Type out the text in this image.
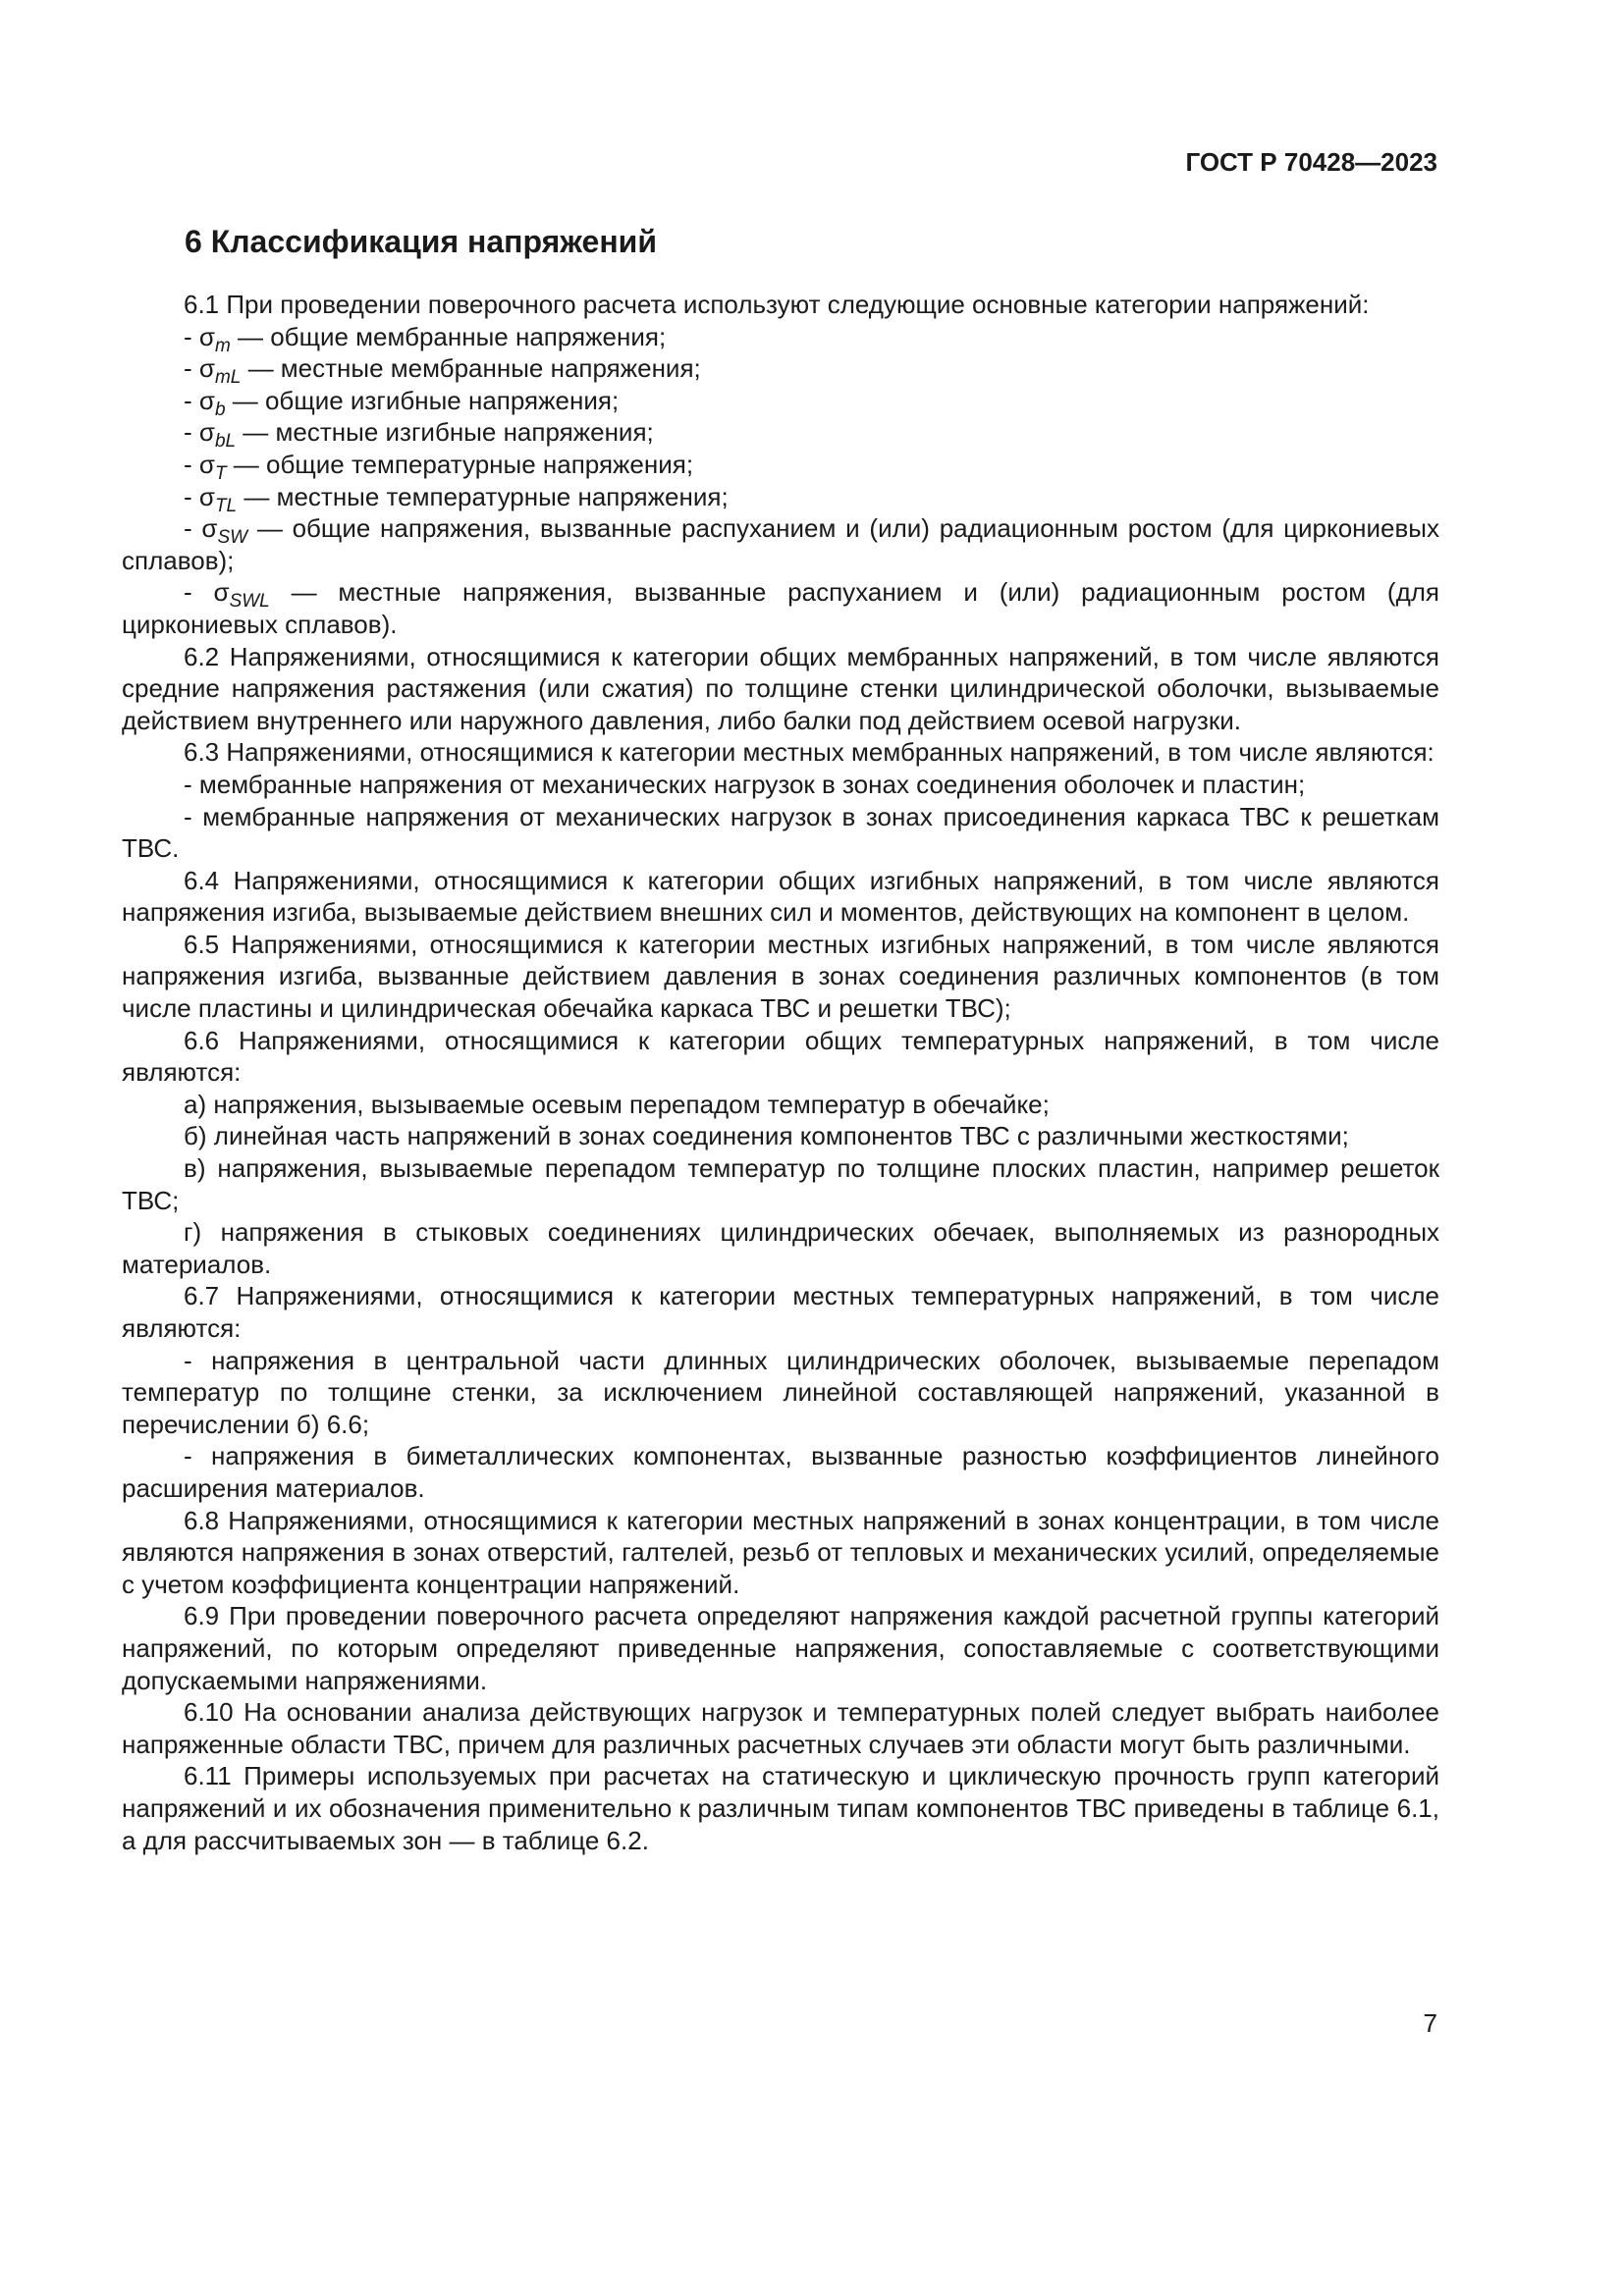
ГОСТ Р 70428—2023
6 Классификация напряжений

6.1 При проведении поверочного расчета используют следующие основные категории напряжений:

- $\sigma_m$ — общие мембранные напряжения;

- $\sigma_{mL}$ — местные мембранные напряжения;

- $\sigma_b$ — общие изгибные напряжения;

- $\sigma_{bL}$ — местные изгибные напряжения;

- $\sigma_T$ — общие температурные напряжения;

- $\sigma_{TL}$ — местные температурные напряжения;

- $\sigma_{SW}$ — общие напряжения, вызванные распуханием и (или) радиационным ростом (для циркониевых сплавов);

- $\sigma_{SWL}$ — местные напряжения, вызванные распуханием и (или) радиационным ростом (для циркониевых сплавов).

6.2 Напряжениями, относящимися к категории общих мембранных напряжений, в том числе являются средние напряжения растяжения (или сжатия) по толщине стенки цилиндрической оболочки, вызываемые действием внутреннего или наружного давления, либо балки под действием осевой нагрузки.

6.3 Напряжениями, относящимися к категории местных мембранных напряжений, в том числе являются:

- мембранные напряжения от механических нагрузок в зонах соединения оболочек и пластин;

- мембранные напряжения от механических нагрузок в зонах присоединения каркаса ТВС к решеткам ТВС.

6.4 Напряжениями, относящимися к категории общих изгибных напряжений, в том числе являются напряжения изгиба, вызываемые действием внешних сил и моментов, действующих на компонент в целом.

6.5 Напряжениями, относящимися к категории местных изгибных напряжений, в том числе являются напряжения изгиба, вызванные действием давления в зонах соединения различных компонентов (в том числе пластины и цилиндрическая обечайка каркаса ТВС и решетки ТВС);

6.6 Напряжениями, относящимися к категории общих температурных напряжений, в том числе являются:

а) напряжения, вызываемые осевым перепадом температур в обечайке;

б) линейная часть напряжений в зонах соединения компонентов ТВС с различными жесткостями;

в) напряжения, вызываемые перепадом температур по толщине плоских пластин, например решеток ТВС;

г) напряжения в стыковых соединениях цилиндрических обечаек, выполняемых из разнородных материалов.

6.7 Напряжениями, относящимися к категории местных температурных напряжений, в том числе являются:

- напряжения в центральной части длинных цилиндрических оболочек, вызываемые перепадом температур по толщине стенки, за исключением линейной составляющей напряжений, указанной в перечислении б) 6.6;

- напряжения в биметаллических компонентах, вызванные разностью коэффициентов линейного расширения материалов.

6.8 Напряжениями, относящимися к категории местных напряжений в зонах концентрации, в том числе являются напряжения в зонах отверстий, галтелей, резьб от тепловых и механических усилий, определяемые с учетом коэффициента концентрации напряжений.

6.9 При проведении поверочного расчета определяют напряжения каждой расчетной группы категорий напряжений, по которым определяют приведенные напряжения, сопоставляемые с соответствующими допускаемыми напряжениями.

6.10 На основании анализа действующих нагрузок и температурных полей следует выбрать наиболее напряженные области ТВС, причем для различных расчетных случаев эти области могут быть различными.

6.11 Примеры используемых при расчетах на статическую и циклическую прочность групп категорий напряжений и их обозначения применительно к различным типам компонентов ТВС приведены в таблице 6.1, а для рассчитываемых зон — в таблице 6.2.

7
